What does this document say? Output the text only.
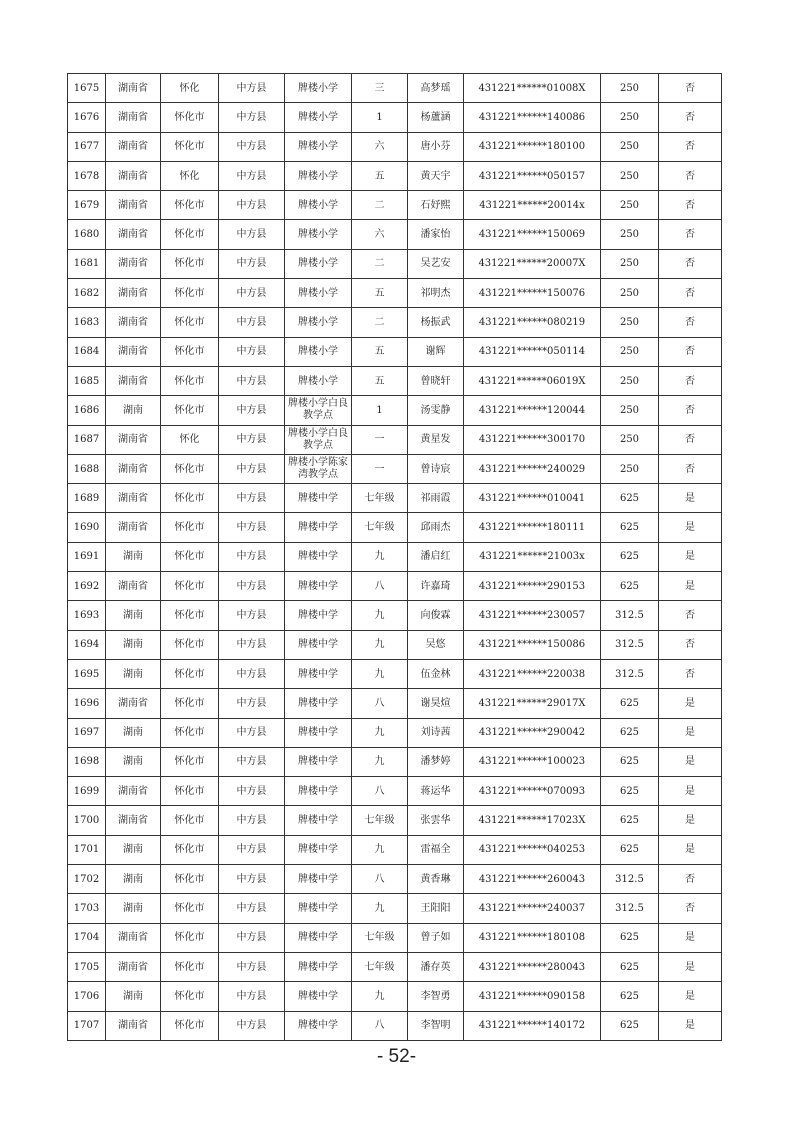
1675	湖南省	怀化	中方县	牌楼小学	三	高梦瑶	431221******01008X	250	否
1676	湖南省	怀化市	中方县	牌楼小学	1	杨蘆涵	431221******140086	250	否
1677	湖南省	怀化市	中方县	牌楼小学	六	唐小芬	431221******180100	250	否
1678	湖南省	怀化	中方县	牌楼小学	五	黄天宇	431221******050157	250	否
1679	湖南省	怀化市	中方县	牌楼小学	二	石妤熙	431221******20014x	250	否
1680	湖南省	怀化市	中方县	牌楼小学	六	潘家怡	431221******150069	250	否
1681	湖南省	怀化市	中方县	牌楼小学	二	吴艺安	431221******20007X	250	否
1682	湖南省	怀化市	中方县	牌楼小学	五	祁明杰	431221******150076	250	否
1683	湖南省	怀化市	中方县	牌楼小学	二	杨振武	431221******080219	250	否
1684	湖南省	怀化市	中方县	牌楼小学	五	谢辉	431221******050114	250	否
1685	湖南省	怀化市	中方县	牌楼小学	五	曾晓轩	431221******06019X	250	否
1686	湖南	怀化市	中方县	牌楼小学白良教学点	1	汤雯静	431221******120044	250	否
1687	湖南省	怀化	中方县	牌楼小学白良教学点	一	黄星发	431221******300170	250	否
1688	湖南省	怀化市	中方县	牌楼小学陈家湾教学点	一	曾诗宸	431221******240029	250	否
1689	湖南省	怀化市	中方县	牌楼中学	七年级	祁雨霞	431221******010041	625	是
1690	湖南省	怀化市	中方县	牌楼中学	七年级	邱雨杰	431221******180111	625	是
1691	湖南	怀化市	中方县	牌楼中学	九	潘启红	431221******21003x	625	是
1692	湖南省	怀化市	中方县	牌楼中学	八	许嘉琦	431221******290153	625	是
1693	湖南	怀化市	中方县	牌楼中学	九	向俊霖	431221******230057	312.5	否
1694	湖南	怀化市	中方县	牌楼中学	九	吴悠	431221******150086	312.5	否
1695	湖南	怀化市	中方县	牌楼中学	九	伍金林	431221******220038	312.5	否
1696	湖南省	怀化市	中方县	牌楼中学	八	谢昊煊	431221******29017X	625	是
1697	湖南	怀化市	中方县	牌楼中学	九	刘诗茜	431221******290042	625	是
1698	湖南	怀化市	中方县	牌楼中学	九	潘梦婷	431221******100023	625	是
1699	湖南省	怀化市	中方县	牌楼中学	八	蒋运华	431221******070093	625	是
1700	湖南省	怀化市	中方县	牌楼中学	七年级	张雲华	431221******17023X	625	是
1701	湖南	怀化市	中方县	牌楼中学	九	雷福全	431221******040253	625	是
1702	湖南	怀化市	中方县	牌楼中学	八	黄香琳	431221******260043	312.5	否
1703	湖南	怀化市	中方县	牌楼中学	九	王阳阳	431221******240037	312.5	否
1704	湖南省	怀化市	中方县	牌楼中学	七年级	曾子如	431221******180108	625	是
1705	湖南省	怀化市	中方县	牌楼中学	七年级	潘存英	431221******280043	625	是
1706	湖南	怀化市	中方县	牌楼中学	九	李智勇	431221******090158	625	是
1707	湖南省	怀化市	中方县	牌楼中学	八	李智明	431221******140172	625	是
- 52-
